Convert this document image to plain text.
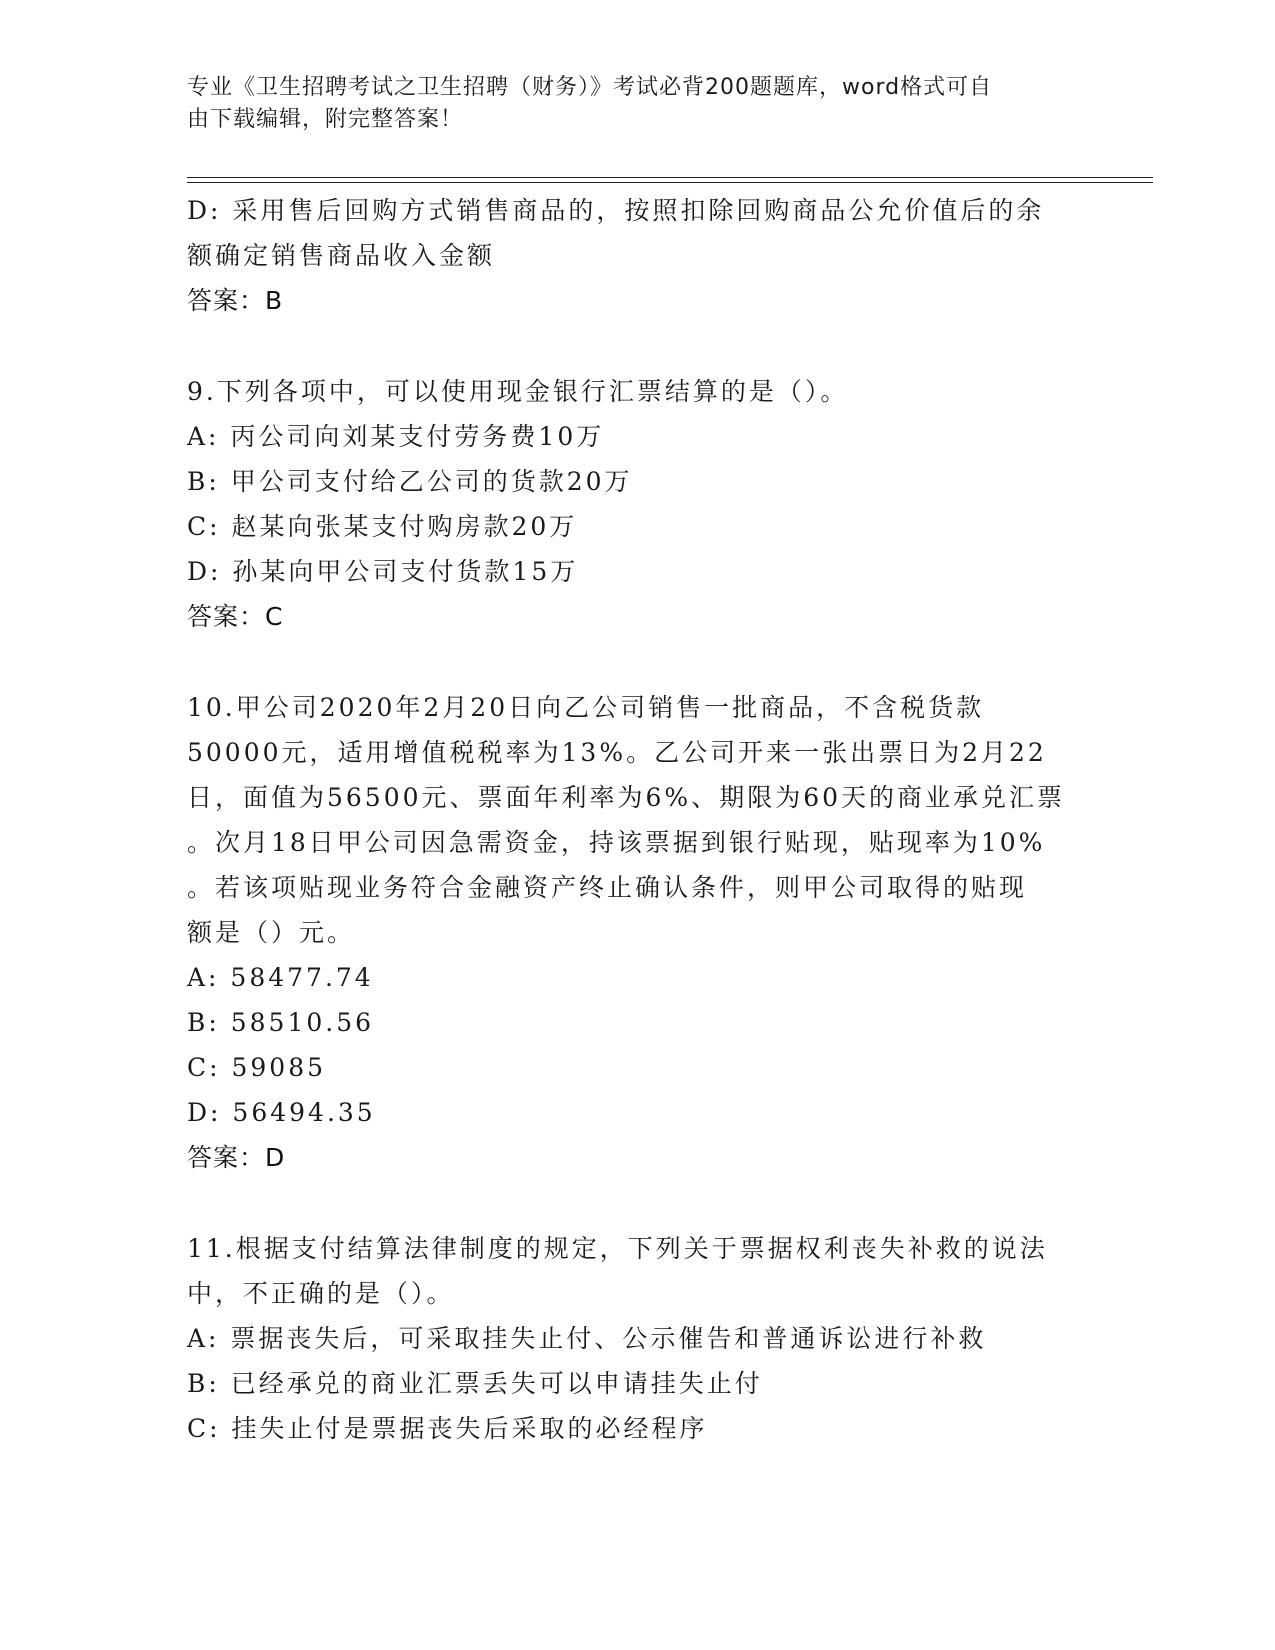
专业《卫生招聘考试之卫生招聘（财务）》考试必背200题题库，word格式可自
由下载编辑，附完整答案！
D: 采用售后回购方式销售商品的，按照扣除回购商品公允价值后的余
额确定销售商品收入金额
答案：B
9.下列各项中，可以使用现金银行汇票结算的是（）。
A: 丙公司向刘某支付劳务费10万
B: 甲公司支付给乙公司的货款20万
C: 赵某向张某支付购房款20万
D: 孙某向甲公司支付货款15万
答案：C
10.甲公司2020年2月20日向乙公司销售一批商品，不含税货款
50000元，适用增值税税率为13%。乙公司开来一张出票日为2月22
日，面值为56500元、票面年利率为6%、期限为60天的商业承兑汇票
。次月18日甲公司因急需资金，持该票据到银行贴现，贴现率为10%
。若该项贴现业务符合金融资产终止确认条件，则甲公司取得的贴现
额是（）元。
A: 58477.74
B: 58510.56
C: 59085
D: 56494.35
答案：D
11.根据支付结算法律制度的规定，下列关于票据权利丧失补救的说法
中，不正确的是（）。
A: 票据丧失后，可采取挂失止付、公示催告和普通诉讼进行补救
B: 已经承兑的商业汇票丢失可以申请挂失止付
C: 挂失止付是票据丧失后采取的必经程序
